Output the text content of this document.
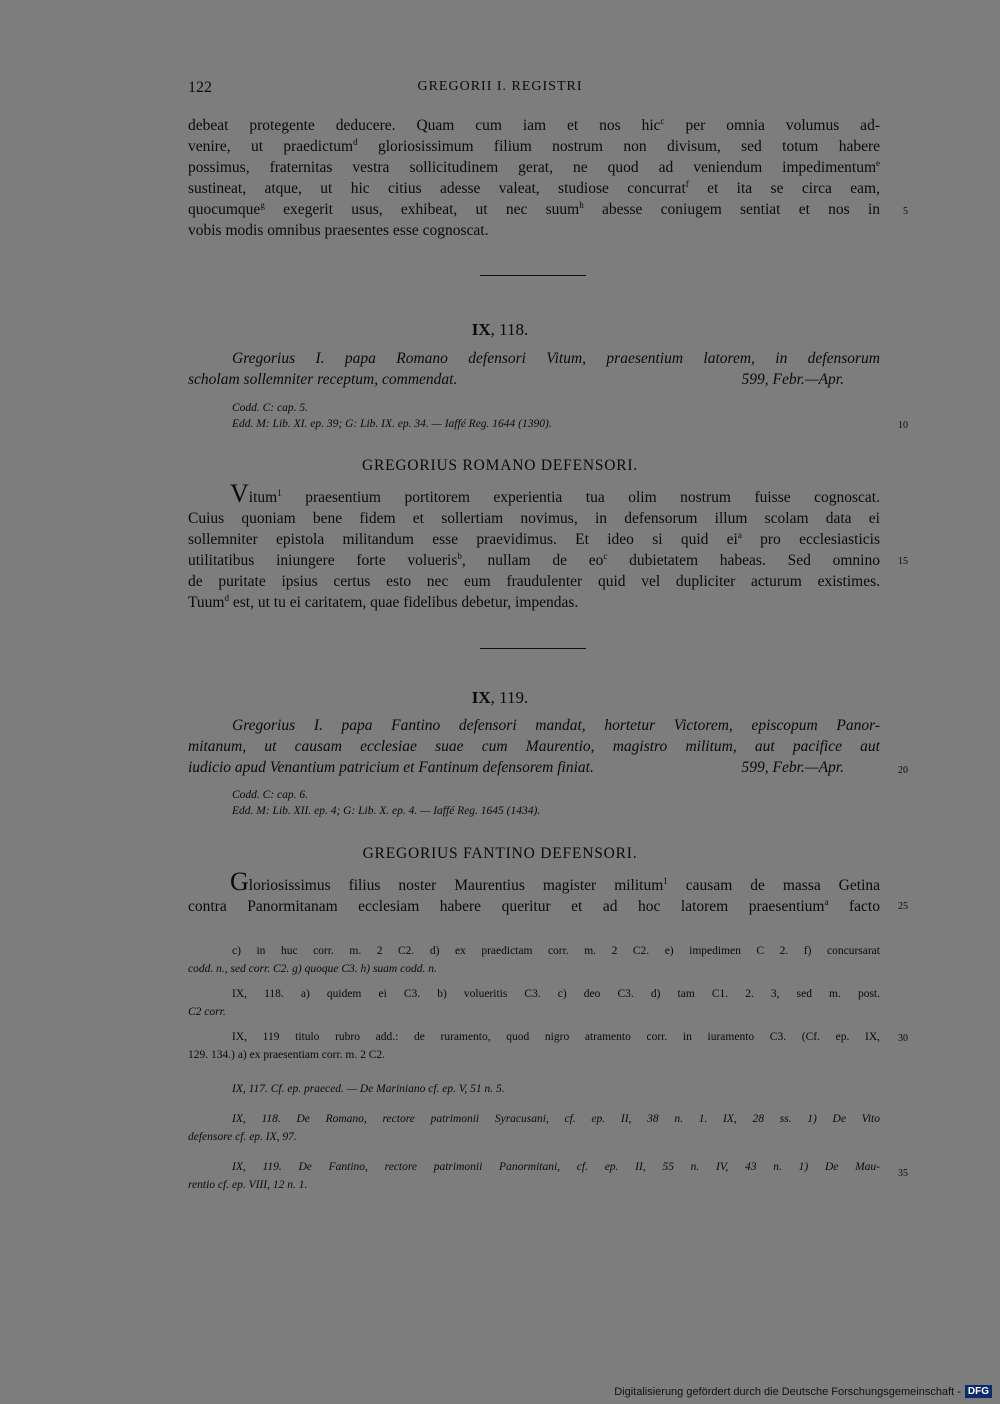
122	GREGORII I. REGISTRI
debeat protegente deducere. Quam cum iam et nos hic$^c$ per omnia volumus ad-
venire, ut praedictum$^d$ gloriosissimum filium nostrum non divisum, sed totum habere
possimus, fraternitas vestra sollicitudinem gerat, ne quod ad veniendum impedimentum$^e$
sustineat, atque, ut hic citius adesse valeat, studiose concurrat$^f$ et ita se circa eam,
quocumque$^g$ exegerit usus, exhibeat, ut nec suum$^h$ abesse coniugem sentiat et nos in
vobis modis omnibus praesentes esse cognoscat.
5
IX, 118.
Gregorius I. papa Romano defensori Vitum, praesentium latorem, in defensorum
scholam sollemniter receptum, commendat.	599, Febr.—Apr.
Codd. C: cap. 5.
Edd. M: Lib. XI. ep. 39; G: Lib. IX. ep. 34. — Iaffé Reg. 1644 (1390).	10
GREGORIUS ROMANO DEFENSORI.
Vitum$^1$ praesentium portitorem experientia tua olim nostrum fuisse cognoscat.
Cuius quoniam bene fidem et sollertiam novimus, in defensorum illum scolam data ei
sollemniter epistola militandum esse praevidimus. Et ideo si quid $ei^a$ pro ecclesiasticis
utilitatibus iniungere forte volueris$^b$, nullam de $eo^c$ dubietatem habeas. Sed omnino
de puritate ipsius certus esto nec eum fraudulenter quid vel dupliciter acturum existimes.
Tuum$^d$ est, ut tu ei caritatem, quae fidelibus debetur, impendas.
15
IX, 119.
Gregorius I. papa Fantino defensori mandat, hortetur Victorem, episcopum Panor-
mitanum, ut causam ecclesiae suae cum Maurentio, magistro militum, aut pacifice aut
iudicio apud Venantium patricium et Fantinum defensorem finiat.	599, Febr.—Apr.	20
Codd. C: cap. 6.
Edd. M: Lib. XII. ep. 4; G: Lib. X. ep. 4. — Iaffé Reg. 1645 (1434).
GREGORIUS FANTINO DEFENSORI.
Gloriosissimus filius noster Maurentius magister militum$^1$ causam de massa Getina
contra Panormitanam ecclesiam habere queritur et ad hoc latorem praesentium$^a$ facto	25
c) in huc corr. m. 2 C2. d) ex praedictam corr. m. 2 C2. e) impedimen C 2. f) concursarat
codd. n., sed corr. C2. g) quoque C3. h) suam codd. n.
IX, 118. a) quidem ei C3. b) volueritis C3. c) deo C3. d) tam C1. 2. 3, sed m. post.
C2 corr.
IX, 119 titulo rubro add.: de ruramento, quod nigro atramento corr. in iuramento C3. (Cf. ep. IX,
129. 134.) a) ex praesentiam corr. m. 2 C2.
30
IX, 117. Cf. ep. praeced. — De Mariniano cf. ep. V, 51 n. 5.
IX, 118. De Romano, rectore patrimonii Syracusani, cf. ep. II, 38 n. 1. IX, 28 ss. 1) De Vito
defensore cf. ep. IX, 97.
IX, 119. De Fantino, rectore patrimonii Panormitani, cf. ep. II, 55 n. IV, 43 n. 1) De Mau-
rentio cf. ep. VIII, 12 n. 1.
35
Digitalisierung gefördert durch die Deutsche Forschungsgemeinschaft - DFG
